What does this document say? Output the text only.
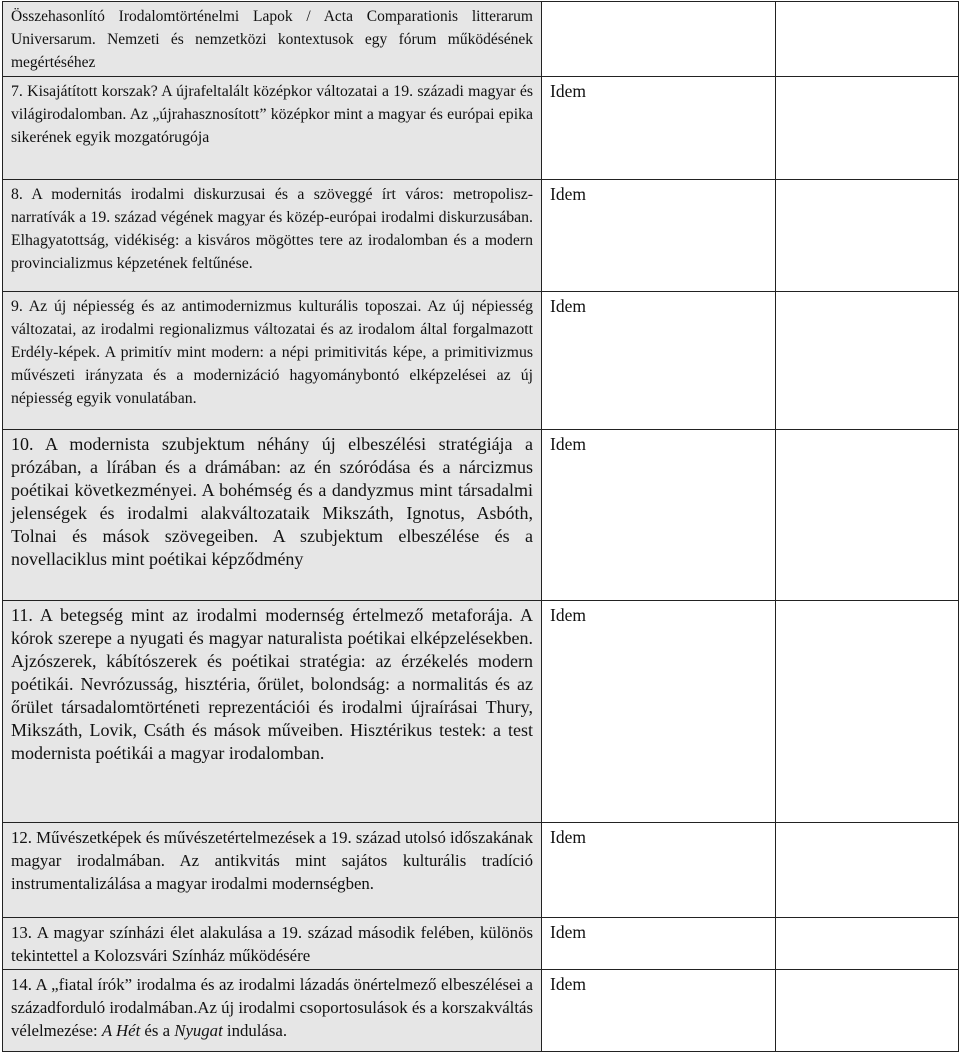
Összehasonlító Irodalomtörténelmi Lapok / Acta Comparationis litterarum Universarum. Nemzeti és nemzetközi kontextusok egy fórum működésének megértéséhez		
7. Kisajátított korszak? A újrafeltalált középkor változatai a 19. századi magyar és világirodalomban. Az „újrahasznosított” középkor mint a magyar és európai epika sikerének egyik mozgatórugója	Idem	
8. A modernitás irodalmi diskurzusai és a szöveggé írt város: metropolisz-narratívák a 19. század végének magyar és közép-európai irodalmi diskurzusában. Elhagyatottság, vidékiség: a kisváros mögöttes tere az irodalomban és a modern provincializmus képzetének feltűnése.	Idem	
9. Az új népiesség és az antimodernizmus kulturális toposzai. Az új népiesség változatai, az irodalmi regionalizmus változatai és az irodalom által forgalmazott Erdély-képek. A primitív mint modern: a népi primitivitás képe, a primitivizmus művészeti irányzata és a modernizáció hagyománybontó elképzelései az új népiesség egyik vonulatában.	Idem	
10. A modernista szubjektum néhány új elbeszélési stratégiája a prózában, a lírában és a drámában: az én szóródása és a nárcizmus poétikai következményei. A bohémség és a dandyzmus mint társadalmi jelenségek és irodalmi alakváltozataik Mikszáth, Ignotus, Asbóth, Tolnai és mások szövegeiben. A szubjektum elbeszélése és a novellaciklus mint poétikai képződmény	Idem	
11. A betegség mint az irodalmi modernség értelmező metaforája. A kórok szerepe a nyugati és magyar naturalista poétikai elképzelésekben. Ajzószerek, kábítószerek és poétikai stratégia: az érzékelés modern poétikái. Nevrózusság, hisztéria, őrület, bolondság: a normalitás és az őrület társadalomtörténeti reprezentációi és irodalmi újraírásai Thury, Mikszáth, Lovik, Csáth és mások műveiben. Hisztérikus testek: a test modernista poétikái a magyar irodalomban.	Idem	
12. Művészetképek és művészetértelmezések a 19. század utolsó időszakának magyar irodalmában. Az antikvitás mint sajátos kulturális tradíció instrumentalizálása a magyar irodalmi modernségben.	Idem	
13. A magyar színházi élet alakulása a 19. század második felében, különös tekintettel a Kolozsvári Színház működésére	Idem	
14. A „fiatal írók” irodalma és az irodalmi lázadás önértelmező elbeszélései a századforduló irodalmában.Az új irodalmi csoportosulások és a korszakváltás vélelmezése: A Hét és a Nyugat indulása.	Idem	
